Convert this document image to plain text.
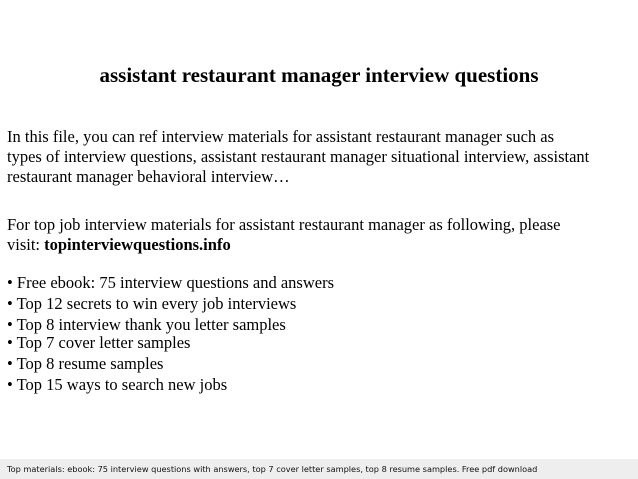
assistant restaurant manager interview questions
In this file, you can ref interview materials for assistant restaurant manager such as
types of interview questions, assistant restaurant manager situational interview, assistant
restaurant manager behavioral interview…
For top job interview materials for assistant restaurant manager as following, please
visit: topinterviewquestions.info
• Free ebook: 75 interview questions and answers
• Top 12 secrets to win every job interviews
• Top 8 interview thank you letter samples
• Top 7 cover letter samples
• Top 8 resume samples
• Top 15 ways to search new jobs
Top materials: ebook: 75 interview questions with answers, top 7 cover letter samples, top 8 resume samples. Free pdf download
